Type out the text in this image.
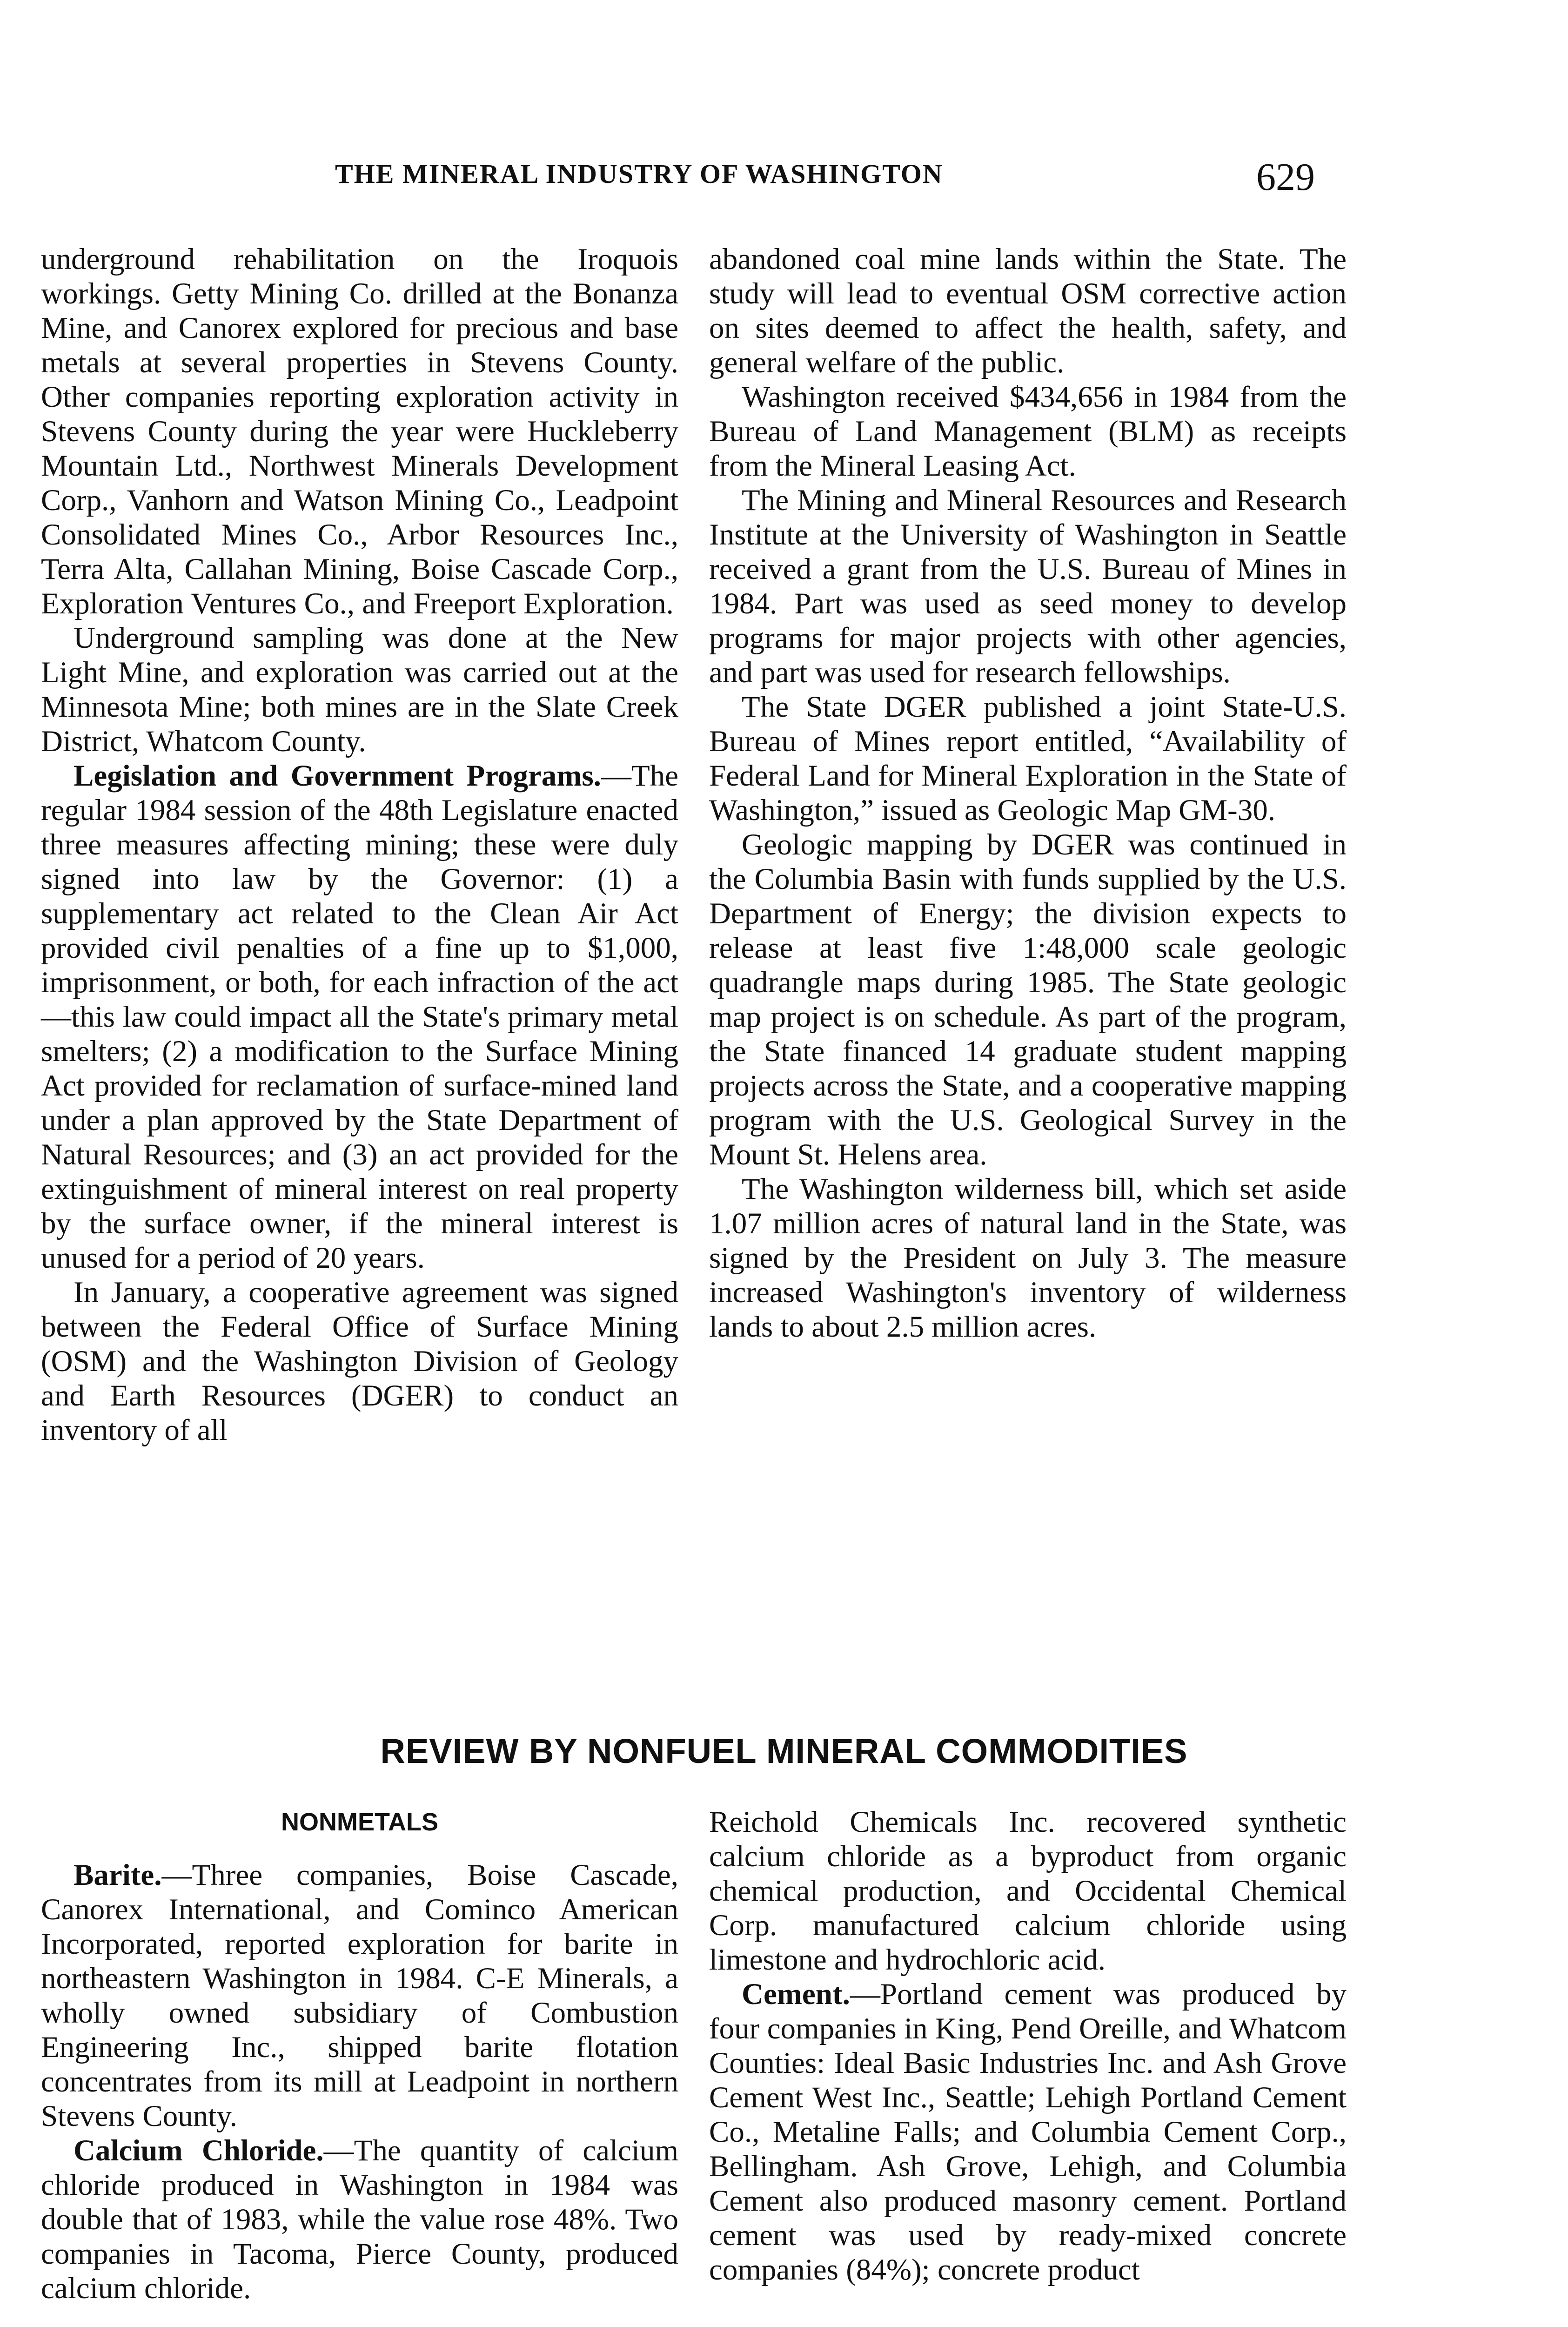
THE MINERAL INDUSTRY OF WASHINGTON	629

underground rehabilitation on the Iroquois workings. Getty Mining Co. drilled at the Bonanza Mine, and Canorex explored for precious and base metals at several properties in Stevens County. Other companies reporting exploration activity in Stevens County during the year were Huckleberry Mountain Ltd., Northwest Minerals Development Corp., Vanhorn and Watson Mining Co., Leadpoint Consolidated Mines Co., Arbor Resources Inc., Terra Alta, Callahan Mining, Boise Cascade Corp., Exploration Ventures Co., and Freeport Exploration.

Underground sampling was done at the New Light Mine, and exploration was carried out at the Minnesota Mine; both mines are in the Slate Creek District, Whatcom County.

Legislation and Government Programs.—The regular 1984 session of the 48th Legislature enacted three measures affecting mining; these were duly signed into law by the Governor: (1) a supplementary act related to the Clean Air Act provided civil penalties of a fine up to $1,000, imprisonment, or both, for each infraction of the act—this law could impact all the State's primary metal smelters; (2) a modification to the Surface Mining Act provided for reclamation of surface-mined land under a plan approved by the State Department of Natural Resources; and (3) an act provided for the extinguishment of mineral interest on real property by the surface owner, if the mineral interest is unused for a period of 20 years.

In January, a cooperative agreement was signed between the Federal Office of Surface Mining (OSM) and the Washington Division of Geology and Earth Resources (DGER) to conduct an inventory of all

abandoned coal mine lands within the State. The study will lead to eventual OSM corrective action on sites deemed to affect the health, safety, and general welfare of the public.

Washington received $434,656 in 1984 from the Bureau of Land Management (BLM) as receipts from the Mineral Leasing Act.

The Mining and Mineral Resources and Research Institute at the University of Washington in Seattle received a grant from the U.S. Bureau of Mines in 1984. Part was used as seed money to develop programs for major projects with other agencies, and part was used for research fellowships.

The State DGER published a joint State-U.S. Bureau of Mines report entitled, “Availability of Federal Land for Mineral Exploration in the State of Washington,” issued as Geologic Map GM-30.

Geologic mapping by DGER was continued in the Columbia Basin with funds supplied by the U.S. Department of Energy; the division expects to release at least five 1:48,000 scale geologic quadrangle maps during 1985. The State geologic map project is on schedule. As part of the program, the State financed 14 graduate student mapping projects across the State, and a cooperative mapping program with the U.S. Geological Survey in the Mount St. Helens area.

The Washington wilderness bill, which set aside 1.07 million acres of natural land in the State, was signed by the President on July 3. The measure increased Washington's inventory of wilderness lands to about 2.5 million acres.

REVIEW BY NONFUEL MINERAL COMMODITIES

NONMETALS

Barite.—Three companies, Boise Cascade, Canorex International, and Cominco American Incorporated, reported exploration for barite in northeastern Washington in 1984. C-E Minerals, a wholly owned subsidiary of Combustion Engineering Inc., shipped barite flotation concentrates from its mill at Leadpoint in northern Stevens County.

Calcium Chloride.—The quantity of calcium chloride produced in Washington in 1984 was double that of 1983, while the value rose 48%. Two companies in Tacoma, Pierce County, produced calcium chloride.

Reichold Chemicals Inc. recovered synthetic calcium chloride as a byproduct from organic chemical production, and Occidental Chemical Corp. manufactured calcium chloride using limestone and hydrochloric acid.

Cement.—Portland cement was produced by four companies in King, Pend Oreille, and Whatcom Counties: Ideal Basic Industries Inc. and Ash Grove Cement West Inc., Seattle; Lehigh Portland Cement Co., Metaline Falls; and Columbia Cement Corp., Bellingham. Ash Grove, Lehigh, and Columbia Cement also produced masonry cement. Portland cement was used by ready-mixed concrete companies (84%); concrete product
